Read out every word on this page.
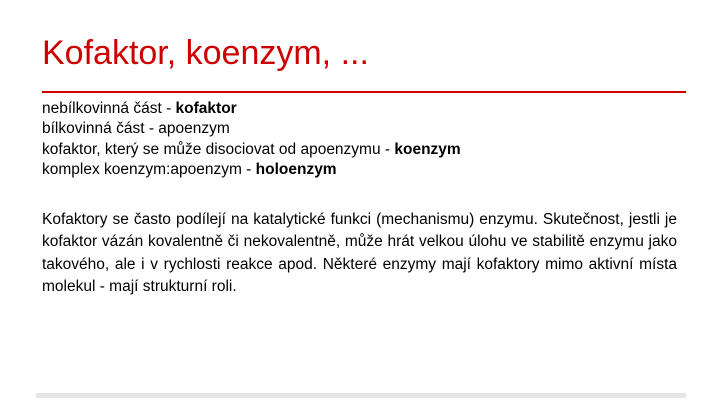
Kofaktor, koenzym, ...
nebílkovinná část - kofaktor
bílkovinná část - apoenzym
kofaktor, který se může disociovat od apoenzymu - koenzym
komplex koenzym:apoenzym - holoenzym
Kofaktory se často podílejí na katalytické funkci (mechanismu) enzymu. Skutečnost, jestli je kofaktor vázán kovalentně či nekovalentně, může hrát velkou úlohu ve stabilitě enzymu jako takového, ale i v rychlosti reakce apod. Některé enzymy mají kofaktory mimo aktivní místa molekul - mají strukturní roli.
